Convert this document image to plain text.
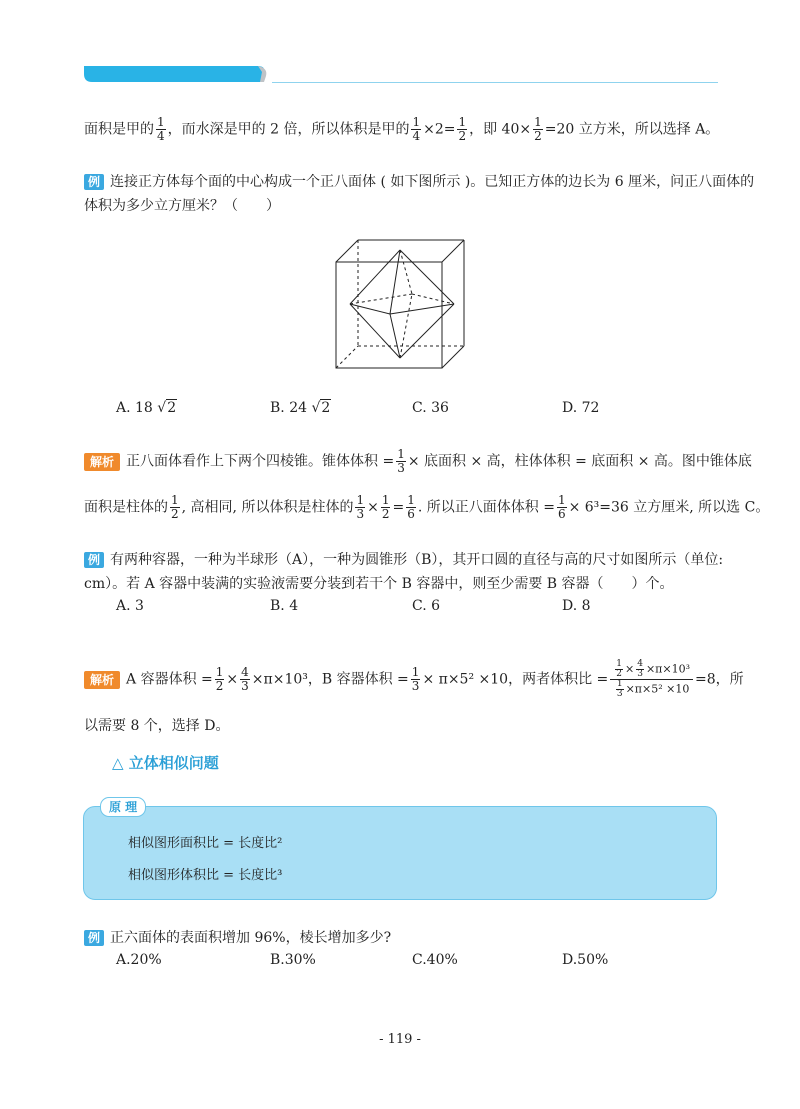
面积是甲的 $\frac{1}{4}$ ，而水深是甲的 2 倍，所以体积是甲的 $\frac{1}{4} \times 2= \frac{1}{2}$ ，即 $40\times \frac{1}{2} =20$ 立方米，所以选择 A。
例 连接正方体每个面的中心构成一个正八面体 ( 如下图所示 )。已知正方体的边长为 6 厘米，问正八面体的
体积为多少立方厘米？（　　）
A. 18 √2	B. 24 √2	C. 36	D. 72
解析 正八面体看作上下两个四棱锥。锥体体积 = $\frac{1}{3}$ × 底面积 × 高，柱体体积 = 底面积 × 高。图中锥体底
面积是柱体的 $\frac{1}{2}$ , 高相同, 所以体积是柱体的 $\frac{1}{3} \times \frac{1}{2} = \frac{1}{6}$ . 所以正八面体体积 = $\frac{1}{6} \times 6^3=36$ 立方厘米, 所以选 C。
例 有两种容器，一种为半球形（A），一种为圆锥形（B），其开口圆的直径与高的尺寸如图所示（单位:
cm）。若 A 容器中装满的实验液需要分装到若干个 B 容器中，则至少需要 B 容器（　　）个。
A. 3	B. 4	C. 6	D. 8
解析 A 容器体积 = $\frac{1}{2} \times \frac{4}{3} \times\pi\times 10^3$，B 容器体积 = $\frac{1}{3} \times \pi\times 5^2 \times 10$，两者体积比 = $\frac{\frac{1}{2} \times \frac{4}{3} \times\pi\times 10^3}{\frac{1}{3} \times\pi\times 5^2 \times 10} =8$，所
以需要 8 个，选择 D。
△ 立体相似问题
原 理
相似图形面积比 = 长度比²
相似图形体积比 = 长度比³
例 正六面体的表面积增加 96%，棱长增加多少?
A.20%	B.30%	C.40%	D.50%
- 119 -
